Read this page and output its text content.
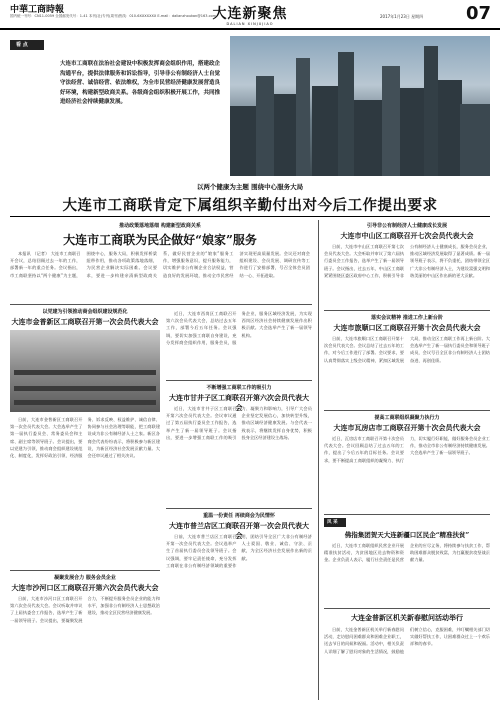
中華工商時報
国内统一刊号：CN11-0059 全国邮发代号：1-41 本刊(社)专刊(周刊)热线：010-6XXXXXXX E-mail：dalianzhoukan@163.com
大连新聚焦
DALIAN XINJUJIAO
2017年1月23日 星期四 07
看 点
大连市工商联在法治社会建设中积极发挥商会组织作用，搭建政企沟通平台，提供法律服务和诉讼指导，引导非公有制经济人士自觉守法经营、诚信经营、依法维权，为全市民营经济健康发展营造良好环境，构建新型政商关系。各级商会组织积极开展工作，共同推进经济社会持续健康发展。
以两个健康为主题 围绕中心服务大局
大连市工商联肯定下属组织辛勤付出对今后工作提出要求
推动政策落地落细 构建新型政商关系
大连市工商联为民企做好“娘家”服务

本报讯 （记者） 大连市工商联召开会议，总结回顾过去一年的工作，部署新一年的重点任务。会议指出，市工商联坚持以“两个健康”为主题，围绕中心，服务大局，积极发挥桥梁纽带作用，推动各项政策落地落细，为民营企业解决实际困难。会议要求，要进一步构建亲清新型政商关系，做好民营企业的“娘家”服务工作，增强服务意识，提升服务能力，切实维护非公有制企业合法权益，营造良好的发展环境，推动全市民营经济实现更高质量发展。会议还对商会组织建设、会员发展、调研宣传等工作进行了安排部署，号召全体会员团结一心、开拓进取。

引导非公有制经济人士健康成长发展
大连市中山区工商联召开七次会员代表大会

日前，大连市中山区工商联召开第七次会员代表大会。大会听取并审议了第六届执行委员会工作报告，选举产生了新一届领导班子。会议指出，过去五年，中山区工商联紧紧围绕区委区政府中心工作，积极引导非公有制经济人士健康成长，服务会员企业，推动区域经济发展取得了显著成绩。新一届领导班子表示，将不负重托，团结带领全区广大非公有制经济人士，为建设富强文明和谐美丽的中山区作出新的更大贡献。

以党建为引领推动商会组织建设规范化
大连市金普新区工商联召开第一次会员代表大会

日前，大连市金普新区工商联召开第一次会员代表大会。大会选举产生了第一届执行委员会、常务委员会和主席、副主席等领导班子。会议提出，要以党建为引领，推动商会组织建设规范化、制度化，发挥好政治引领、经济服务、诉求反映、权益维护、诚信自律、协同参与社会治理等职能，把工商联建设成为非公有制经济人士之家。新区各商会代表纷纷表示，将积极参与新区建设，为新区经济社会发展贡献力量。大会还审议通过了相关决议。

近日，大连市西岗区工商联召开第六次会员代表大会，总结过去五年工作，部署今后五年任务。会议强调，要切实加强工商联自身建设，充分发挥商会组织作用，服务会员，服务企业，服务区域经济发展，为实现西岗区经济社会持续健康发展作出积极贡献。大会选举产生了新一届领导机构。

不断增强工商联工作的吸引力
大连市甘井子区工商联召开第六次会员代表大会

近日，大连市甘井子区工商联召开第六次会员代表大会。会议审议通过了第五届执行委员会工作报告，选举产生了新一届领导班子。会议指出，要进一步增强工商联工作的吸引力、凝聚力和影响力，引导广大会员企业坚定发展信心，加快转型升级，推动区域经济健康发展。与会代表一致表示，将继续发挥自身优势，积极投身全区经济建设主战场。

落实会议精神 推进工作上新台阶
大连市旅顺口区工商联召开第十次会员代表大会

日前，大连市旅顺口区工商联召开第十次会员代表大会。会议总结了过去五年的工作，对今后工作进行了部署。会议要求，要认真贯彻落实上级会议精神，紧扣区域发展大局，推动全区工商联工作再上新台阶。大会选举产生了新一届执行委员会和领导班子成员，会议号召全区非公有制经济人士团结奋进、再创佳绩。

凝聚发展合力 服务会员企业
大连市沙河口区工商联召开第六次会员代表大会

日前，大连市沙河口区工商联召开第六次会员代表大会。会议听取并审议了上届执委会工作报告，选举产生了新一届领导班子。会议提出，要凝聚发展合力，不断提升服务会员企业的能力和水平，加强非公有制经济人士思想政治建设，推动全区民营经济健康发展。

重温一份责任 再续商会为民情怀
大连市普兰店区工商联召开第一次会员代表大会

日前，大连市普兰店区工商联召开第一次会员代表大会。会议选举产生了首届执行委员会及领导班子。会议强调，要牢记责任使命，充分发挥工商联在非公有制经济领域的重要作用，团结引导全区广大非公有制经济人士爱国、敬业、诚信、守法、贡献，为全区经济社会发展作出新的贡献。

提高工商联组织凝聚力执行力
大连市瓦房店市工商联召开第十次会员代表大会

近日，瓦房店市工商联召开第十次会员代表大会。会议回顾总结了过去五年的工作，提出了今后五年的目标任务。会议要求，要不断提高工商联组织的凝聚力、执行力，切实履行好职能，做好服务会员企业工作，推动全市非公有制经济持续健康发展。大会选举产生了新一届领导班子。

风 采
佛指集团贺天大连新疆口区民企“精准扶贫”

近日，大连市工商联组织民营企业开展精准扶贫活动，为贫困地区送去物资和资金。企业负责人表示，履行社会责任是民营企业的应尽义务，将持续参与扶贫工作，帮助困难群众脱贫致富，为打赢脱贫攻坚战贡献力量。

大连金普新区机关新春慰问活动举行

日前，大连金普新区机关举行新春慰问活动，走访慰问困难群众和困难企业职工，送去节日的问候和祝福。活动中，相关负责人详细了解了慰问对象的生活情况，鼓励他们树立信心，克服困难，并叮嘱相关部门切实做好帮扶工作，让困难群众过上一个欢乐祥和的春节。
